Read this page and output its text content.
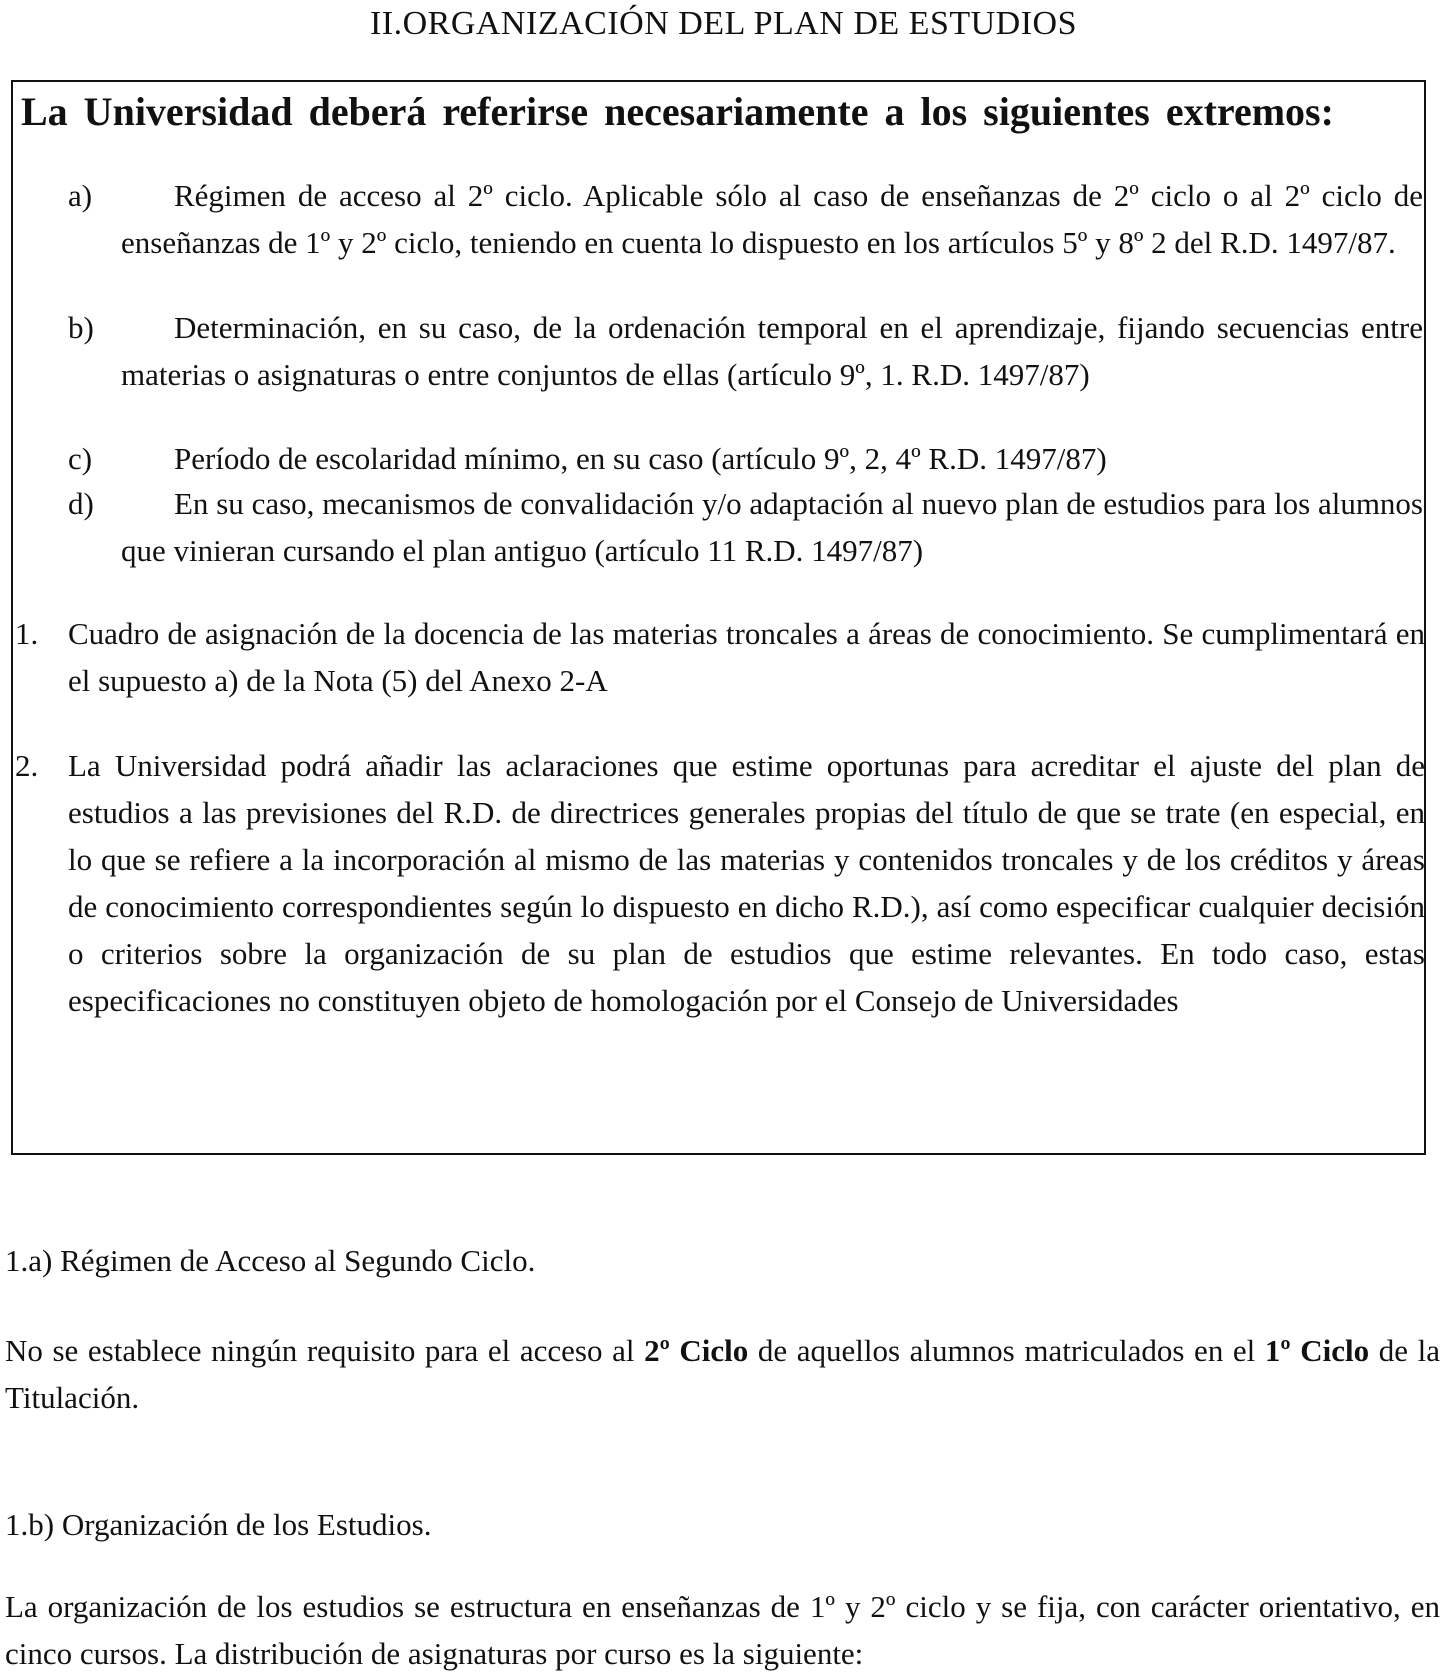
II.ORGANIZACIÓN DEL PLAN DE ESTUDIOS
La Universidad deberá referirse necesariamente a los siguientes extremos:
a)	Régimen de acceso al 2º ciclo. Aplicable sólo al caso de enseñanzas de 2º ciclo o al 2º ciclo de enseñanzas de 1º y 2º ciclo, teniendo en cuenta lo dispuesto en los artículos 5º y 8º 2 del R.D. 1497/87.
b)	Determinación, en su caso, de la ordenación temporal en el aprendizaje, fijando secuencias entre materias o asignaturas o entre conjuntos de ellas (artículo 9º, 1. R.D. 1497/87)
c)	Período de escolaridad mínimo, en su caso (artículo 9º, 2, 4º R.D. 1497/87)
d)	En su caso, mecanismos de convalidación y/o adaptación al nuevo plan de estudios para los alumnos que vinieran cursando el plan antiguo (artículo 11 R.D. 1497/87)
1. Cuadro de asignación de la docencia de las materias troncales a áreas de conocimiento. Se cumplimentará en el supuesto a) de la Nota (5) del Anexo 2-A
2. La Universidad podrá añadir las aclaraciones que estime oportunas para acreditar el ajuste del plan de estudios a las previsiones del R.D. de directrices generales propias del título de que se trate (en especial, en lo que se refiere a la incorporación al mismo de las materias y contenidos troncales y de los créditos y áreas de conocimiento correspondientes según lo dispuesto en dicho R.D.), así como especificar cualquier decisión o criterios sobre la organización de su plan de estudios que estime relevantes. En todo caso, estas especificaciones no constituyen objeto de homologación por el Consejo de Universidades
1.a) Régimen de Acceso al Segundo Ciclo.
No se establece ningún requisito para el acceso al 2º Ciclo de aquellos alumnos matriculados en el 1º Ciclo de la Titulación.
1.b) Organización de los Estudios.
La organización de los estudios se estructura en enseñanzas de 1º y 2º ciclo y se fija, con carácter orientativo, en cinco cursos. La distribución de asignaturas por curso es la siguiente:
